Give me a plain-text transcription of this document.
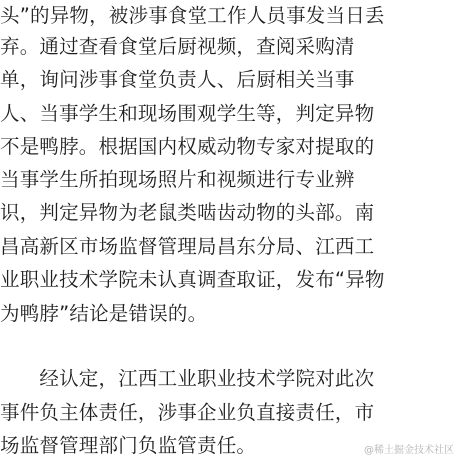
头”的异物，被涉事食堂工作人员事发当日丢
弃。通过查看食堂后厨视频，查阅采购清
单，询问涉事食堂负责人、后厨相关当事
人、当事学生和现场围观学生等，判定异物
不是鸭脖。根据国内权威动物专家对提取的
当事学生所拍现场照片和视频进行专业辨
识，判定异物为老鼠类啮齿动物的头部。南
昌高新区市场监督管理局昌东分局、江西工
业职业技术学院未认真调查取证，发布“异物
为鸭脖”结论是错误的。
　　经认定，江西工业职业技术学院对此次
事件负主体责任，涉事企业负直接责任，市
场监督管理部门负监管责任。	@稀土掘金技术社区
